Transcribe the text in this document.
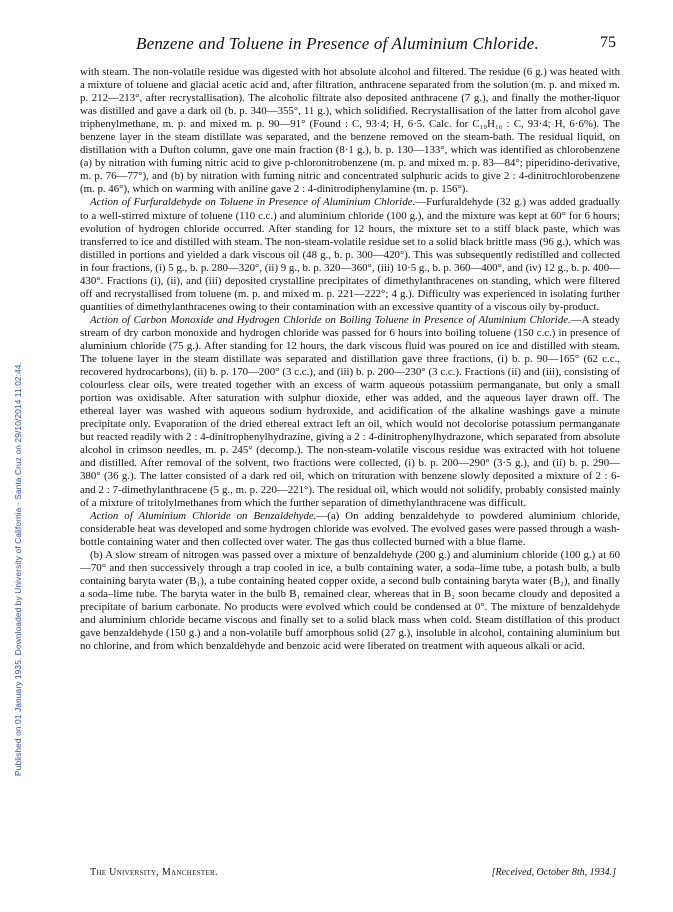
Published on 01 January 1935. Downloaded by University of California - Santa Cruz on 29/10/2014 11:02:44.
Benzene and Toluene in Presence of Aluminium Chloride.	75

with steam. The non-volatile residue was digested with hot absolute alcohol and filtered. The residue (6 g.) was heated with a mixture of toluene and glacial acetic acid and, after filtration, anthracene separated from the solution (m. p. and mixed m. p. 212—213°, after recrystallisation). The alcoholic filtrate also deposited anthracene (7 g.), and finally the mother-liquor was distilled and gave a dark oil (b. p. 340—355°, 11 g.), which solidified. Recrystallisation of the latter from alcohol gave triphenylmethane, m. p. and mixed m. p. 90—91° (Found : C, 93·4; H, 6·5. Calc. for C₁₉H₁₆ : C, 93·4; H, 6·6%). The benzene layer in the steam distillate was separated, and the benzene removed on the steam-bath. The residual liquid, on distillation with a Dufton column, gave one main fraction (8·1 g.), b. p. 130—133°, which was identified as chlorobenzene (a) by nitration with fuming nitric acid to give p-chloronitrobenzene (m. p. and mixed m. p. 83—84°; piperidino-derivative, m. p. 76—77°), and (b) by nitration with fuming nitric and concentrated sulphuric acids to give 2 : 4-dinitrochlorobenzene (m. p. 46°), which on warming with aniline gave 2 : 4-dinitrodiphenylamine (m. p. 156°).

Action of Furfuraldehyde on Toluene in Presence of Aluminium Chloride.—Furfuraldehyde (32 g.) was added gradually to a well-stirred mixture of toluene (110 c.c.) and aluminium chloride (100 g.), and the mixture was kept at 60° for 6 hours; evolution of hydrogen chloride occurred. After standing for 12 hours, the mixture set to a stiff black paste, which was transferred to ice and distilled with steam. The non-steam-volatile residue set to a solid black brittle mass (96 g.), which was distilled in portions and yielded a dark viscous oil (48 g., b. p. 300—420°). This was subsequently redistilled and collected in four fractions, (i) 5 g., b. p. 280—320°, (ii) 9 g., b. p. 320—360°, (iii) 10·5 g., b. p. 360—400°, and (iv) 12 g., b. p. 400—430°. Fractions (i), (ii), and (iii) deposited crystalline precipitates of dimethylanthracenes on standing, which were filtered off and recrystallised from toluene (m. p. and mixed m. p. 221—222°; 4 g.). Difficulty was experienced in isolating further quantities of dimethylanthracenes owing to their contamination with an excessive quantity of a viscous oily by-product.

Action of Carbon Monoxide and Hydrogen Chloride on Boiling Toluene in Presence of Aluminium Chloride.—A steady stream of dry carbon monoxide and hydrogen chloride was passed for 6 hours into boiling toluene (150 c.c.) in presence of aluminium chloride (75 g.). After standing for 12 hours, the dark viscous fluid was poured on ice and distilled with steam. The toluene layer in the steam distillate was separated and distillation gave three fractions, (i) b. p. 90—165° (62 c.c., recovered hydrocarbons), (ii) b. p. 170—200° (3 c.c.), and (iii) b. p. 200—230° (3 c.c.). Fractions (ii) and (iii), consisting of colourless clear oils, were treated together with an excess of warm aqueous potassium permanganate, but only a small portion was oxidisable. After saturation with sulphur dioxide, ether was added, and the aqueous layer drawn off. The ethereal layer was washed with aqueous sodium hydroxide, and acidification of the alkaline washings gave a minute precipitate only. Evaporation of the dried ethereal extract left an oil, which would not decolorise potassium permanganate but reacted readily with 2 : 4-dinitrophenylhydrazine, giving a 2 : 4-dinitrophenylhydrazone, which separated from absolute alcohol in crimson needles, m. p. 245° (decomp.). The non-steam-volatile viscous residue was extracted with hot toluene and distilled. After removal of the solvent, two fractions were collected, (i) b. p. 200—290° (3·5 g.), and (ii) b. p. 290—380° (36 g.). The latter consisted of a dark red oil, which on trituration with benzene slowly deposited a mixture of 2 : 6- and 2 : 7-dimethylanthracene (5 g., m. p. 220—221°). The residual oil, which would not solidify, probably consisted mainly of a mixture of tritolylmethanes from which the further separation of dimethylanthracene was difficult.

Action of Aluminium Chloride on Benzaldehyde.—(a) On adding benzaldehyde to powdered aluminium chloride, considerable heat was developed and some hydrogen chloride was evolved. The evolved gases were passed through a wash-bottle containing water and then collected over water. The gas thus collected burned with a blue flame.

(b) A slow stream of nitrogen was passed over a mixture of benzaldehyde (200 g.) and aluminium chloride (100 g.) at 60—70° and then successively through a trap cooled in ice, a bulb containing water, a soda–lime tube, a potash bulb, a bulb containing baryta water (B₁), a tube containing heated copper oxide, a second bulb containing baryta water (B₂), and finally a soda–lime tube. The baryta water in the bulb B₁ remained clear, whereas that in B₂ soon became cloudy and deposited a precipitate of barium carbonate. No products were evolved which could be condensed at 0°. The mixture of benzaldehyde and aluminium chloride became viscous and finally set to a solid black mass when cold. Steam distillation of this product gave benzaldehyde (150 g.) and a non-volatile buff amorphous solid (27 g.), insoluble in alcohol, containing aluminium but no chlorine, and from which benzaldehyde and benzoic acid were liberated on treatment with aqueous alkali or acid.

The University, Manchester.	[Received, October 8th, 1934.]
